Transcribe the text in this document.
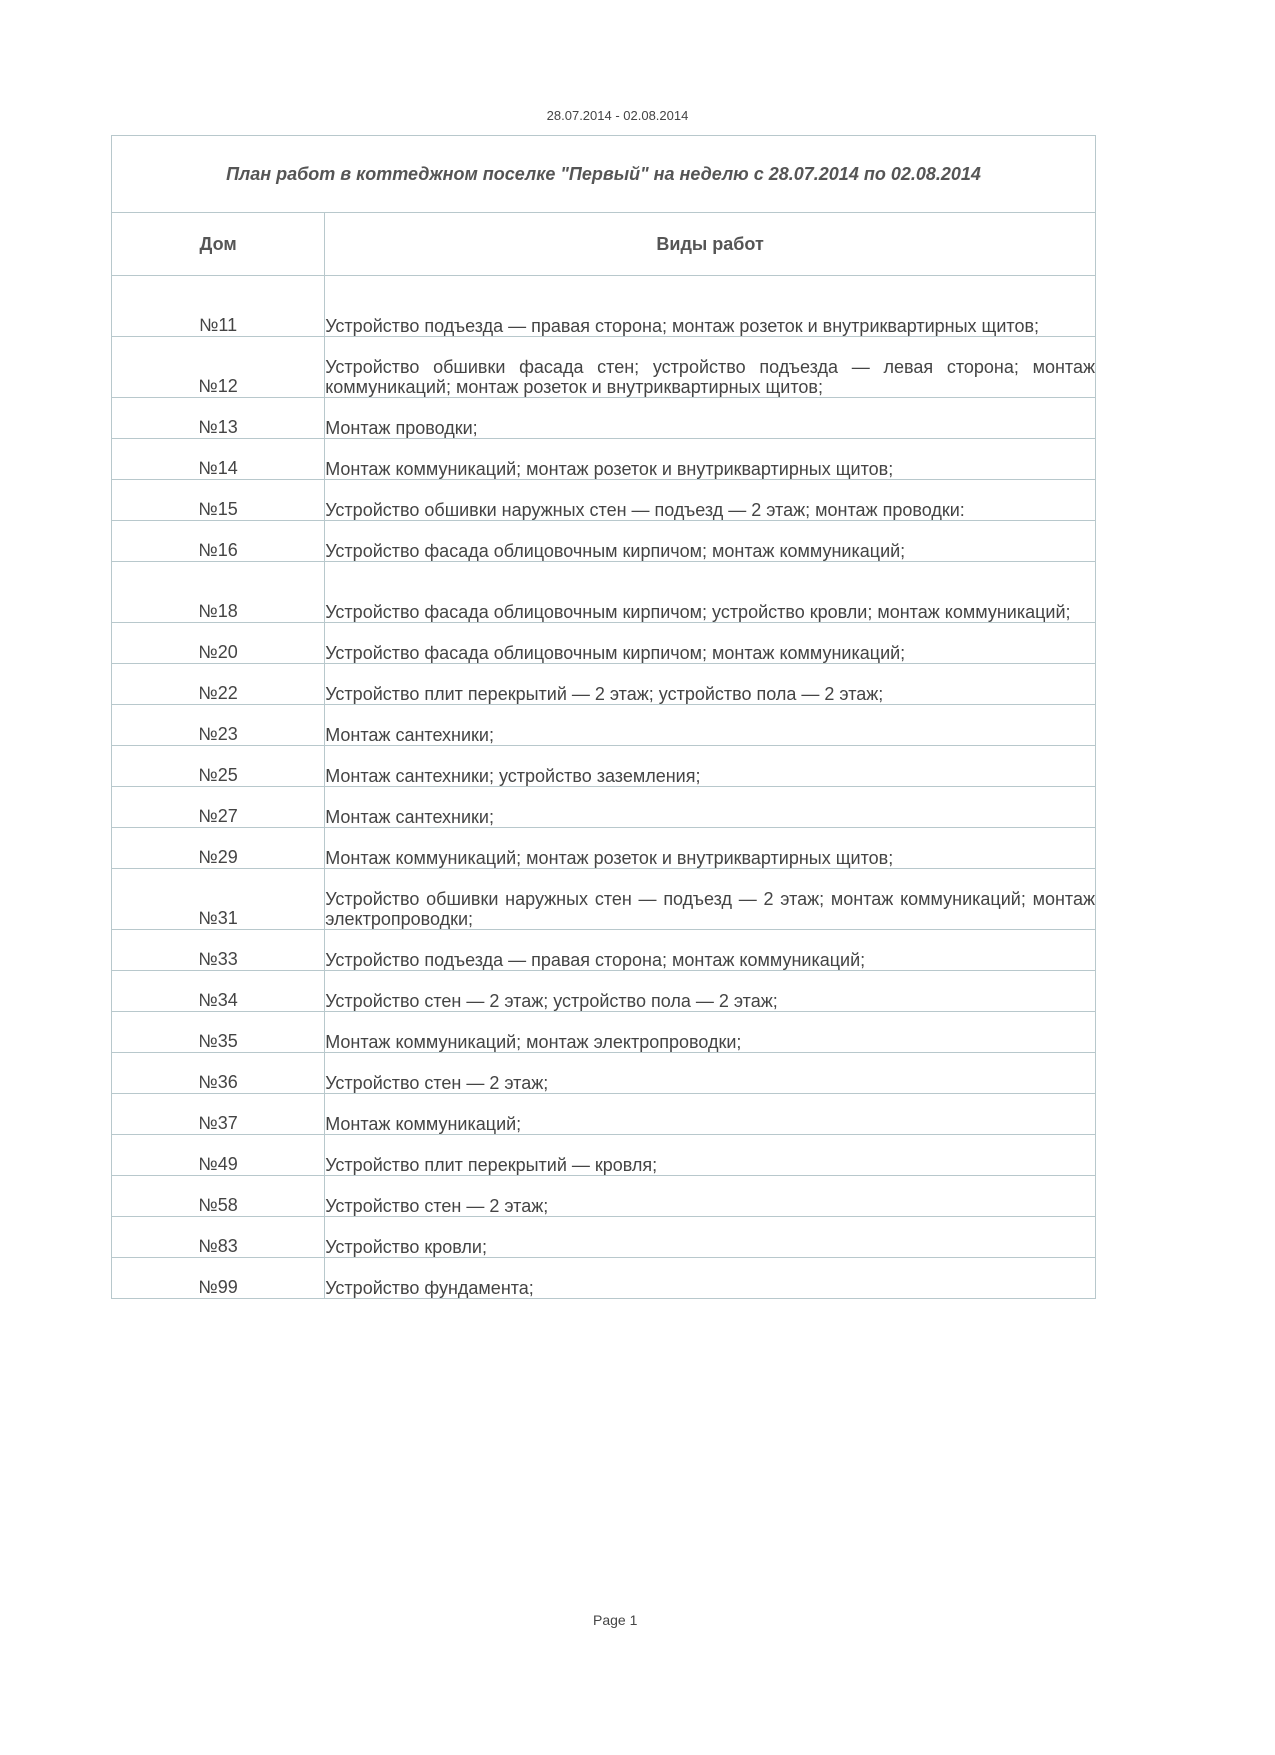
28.07.2014 - 02.08.2014
План работ в коттеджном поселке "Первый" на неделю с 28.07.2014 по 02.08.2014	
Дом	Виды работ
№11	Устройство подъезда — правая сторона; монтаж розеток и внутриквартирных щитов;
№12	Устройство обшивки фасада стен; устройство подъезда — левая сторона; монтаж коммуникаций; монтаж розеток и внутриквартирных щитов;
№13	Монтаж проводки;
№14	Монтаж коммуникаций; монтаж розеток и внутриквартирных щитов;
№15	Устройство обшивки наружных стен — подъезд — 2 этаж; монтаж проводки:
№16	Устройство фасада облицовочным кирпичом; монтаж коммуникаций;
№18	Устройство фасада облицовочным кирпичом; устройство кровли; монтаж коммуникаций;
№20	Устройство фасада облицовочным кирпичом; монтаж коммуникаций;
№22	Устройство плит перекрытий — 2 этаж; устройство пола — 2 этаж;
№23	Монтаж сантехники;
№25	Монтаж сантехники; устройство заземления;
№27	Монтаж сантехники;
№29	Монтаж коммуникаций; монтаж розеток и внутриквартирных щитов;
№31	Устройство обшивки наружных стен — подъезд — 2 этаж; монтаж коммуникаций; монтаж электропроводки;
№33	Устройство подъезда — правая сторона; монтаж коммуникаций;
№34	Устройство стен — 2 этаж; устройство пола — 2 этаж;
№35	Монтаж коммуникаций; монтаж электропроводки;
№36	Устройство стен — 2 этаж;
№37	Монтаж коммуникаций;
№49	Устройство плит перекрытий — кровля;
№58	Устройство стен — 2 этаж;
№83	Устройство кровли;
№99	Устройство фундамента;
Page 1
